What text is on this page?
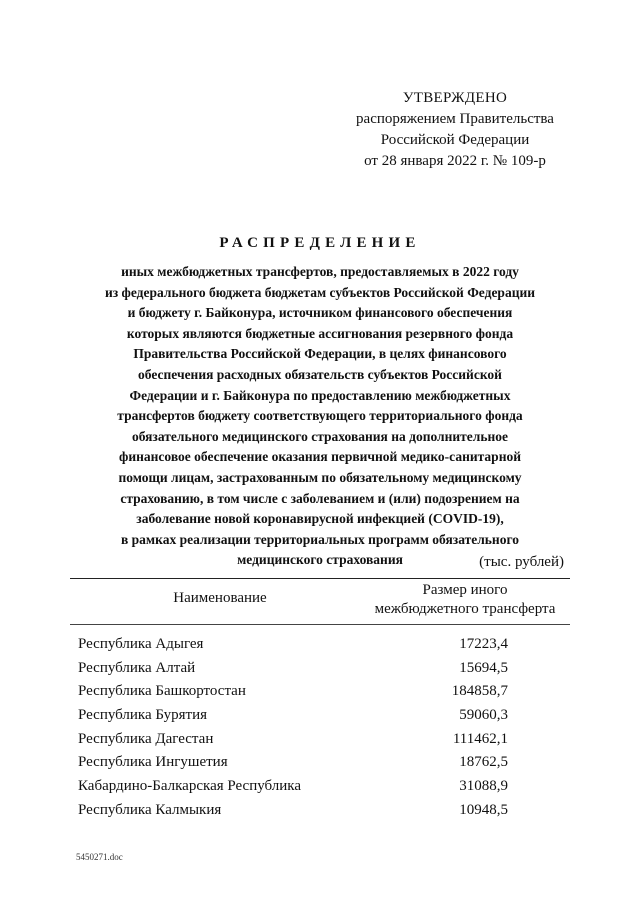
УТВЕРЖДЕНО
распоряжением Правительства
Российской Федерации
от 28 января 2022 г. № 109-р
РАСПРЕДЕЛЕНИЕ
иных межбюджетных трансфертов, предоставляемых в 2022 году
из федерального бюджета бюджетам субъектов Российской Федерации
и бюджету г. Байконура, источником финансового обеспечения
которых являются бюджетные ассигнования резервного фонда
Правительства Российской Федерации, в целях финансового
обеспечения расходных обязательств субъектов Российской
Федерации и г. Байконура по предоставлению межбюджетных
трансфертов бюджету соответствующего территориального фонда
обязательного медицинского страхования на дополнительное
финансовое обеспечение оказания первичной медико-санитарной
помощи лицам, застрахованным по обязательному медицинскому
страхованию, в том числе с заболеванием и (или) подозрением на
заболевание новой коронавирусной инфекцией (COVID-19),
в рамках реализации территориальных программ обязательного
медицинского страхования	(тыс. рублей)
Наименование	Размер иного
межбюджетного трансферта
Республика Адыгея	17223,4
Республика Алтай	15694,5
Республика Башкортостан	184858,7
Республика Бурятия	59060,3
Республика Дагестан	111462,1
Республика Ингушетия	18762,5
Кабардино-Балкарская Республика	31088,9
Республика Калмыкия	10948,5
5450271.doc
